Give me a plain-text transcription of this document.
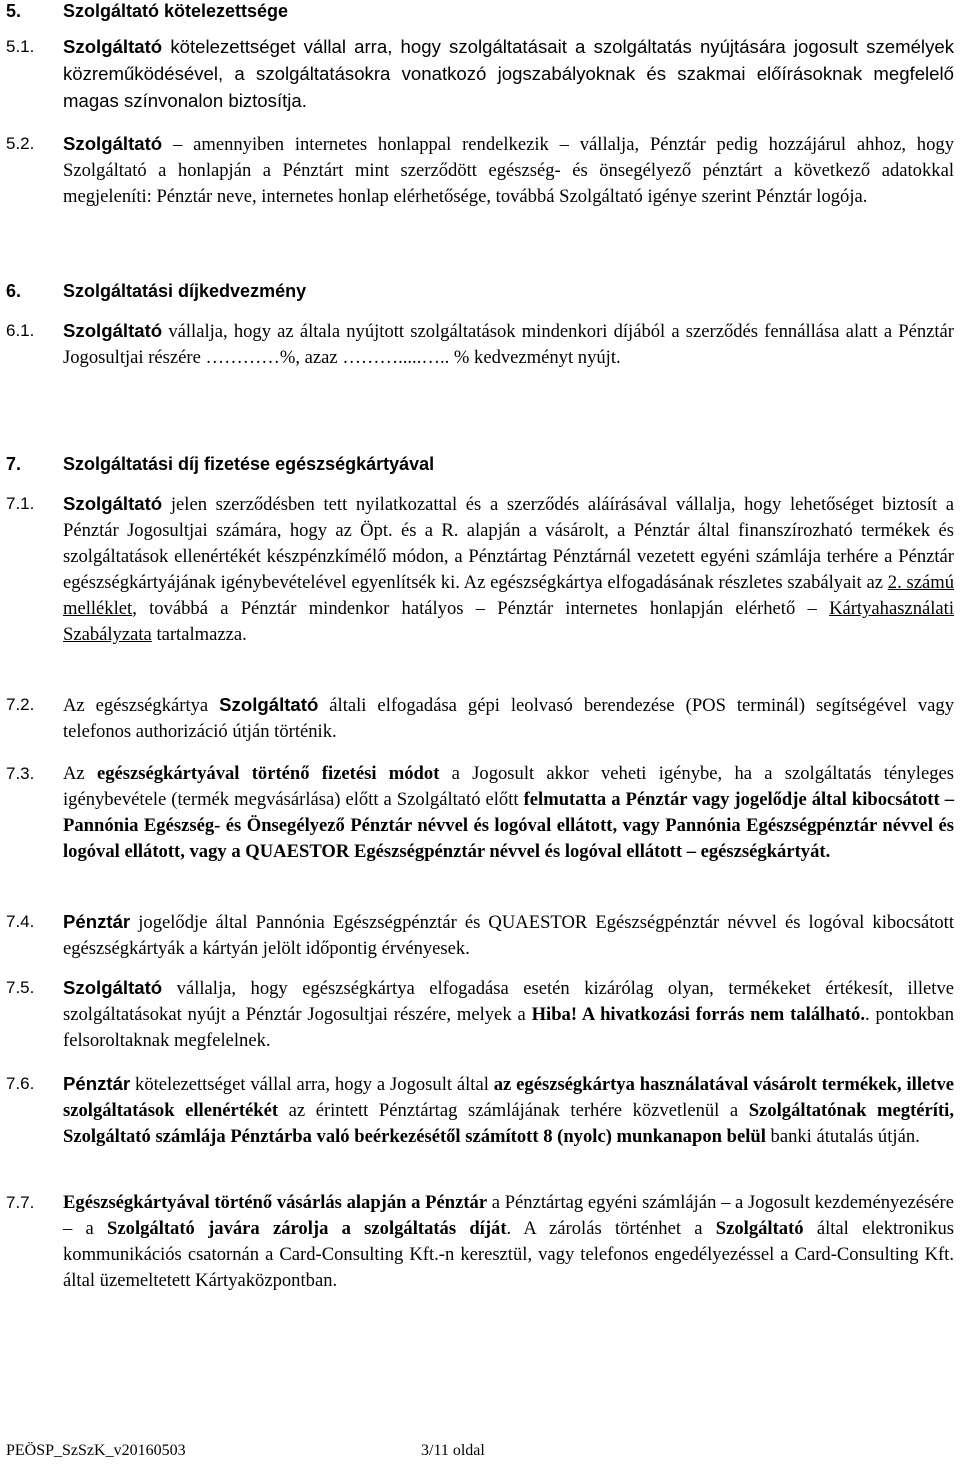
5. Szolgáltató kötelezettsége
5.1.	Szolgáltató kötelezettséget vállal arra, hogy szolgáltatásait a szolgáltatás nyújtására jogosult személyek közreműködésével, a szolgáltatásokra vonatkozó jogszabályoknak és szakmai előírásoknak megfelelő magas színvonalon biztosítja.
5.2.	Szolgáltató – amennyiben internetes honlappal rendelkezik – vállalja, Pénztár pedig hozzájárul ahhoz, hogy Szolgáltató a honlapján a Pénztárt mint szerződött egészség- és önsegélyező pénztárt a következő adatokkal megjeleníti: Pénztár neve, internetes honlap elérhetősége, továbbá Szolgáltató igénye szerint Pénztár logója.
6. Szolgáltatási díjkedvezmény
6.1.	Szolgáltató vállalja, hogy az általa nyújtott szolgáltatások mindenkori díjából a szerződés fennállása alatt a Pénztár Jogosultjai részére …………%, azaz ……….....….. % kedvezményt nyújt.
7. Szolgáltatási díj fizetése egészségkártyával
7.1.	Szolgáltató jelen szerződésben tett nyilatkozattal és a szerződés aláírásával vállalja, hogy lehetőséget biztosít a Pénztár Jogosultjai számára, hogy az Öpt. és a R. alapján a vásárolt, a Pénztár által finanszírozható termékek és szolgáltatások ellenértékét készpénzkímélő módon, a Pénztártag Pénztárnál vezetett egyéni számlája terhére a Pénztár egészségkártyájának igénybevételével egyenlítsék ki. Az egészségkártya elfogadásának részletes szabályait az 2. számú melléklet, továbbá a Pénztár mindenkor hatályos – Pénztár internetes honlapján elérhető – Kártyahasználati Szabályzata tartalmazza.
7.2.	Az egészségkártya Szolgáltató általi elfogadása gépi leolvasó berendezése (POS terminál) segítségével vagy telefonos authorizáció útján történik.
7.3.	Az egészségkártyával történő fizetési módot a Jogosult akkor veheti igénybe, ha a szolgáltatás tényleges igénybevétele (termék megvásárlása) előtt a Szolgáltató előtt felmutatta a Pénztár vagy jogelődje által kibocsátott – Pannónia Egészség- és Önsegélyező Pénztár névvel és logóval ellátott, vagy Pannónia Egészségpénztár névvel és logóval ellátott, vagy a QUAESTOR Egészségpénztár névvel és logóval ellátott – egészségkártyát.
7.4.	Pénztár jogelődje által Pannónia Egészségpénztár és QUAESTOR Egészségpénztár névvel és logóval kibocsátott egészségkártyák a kártyán jelölt időpontig érvényesek.
7.5.	Szolgáltató vállalja, hogy egészségkártya elfogadása esetén kizárólag olyan, termékeket értékesít, illetve szolgáltatásokat nyújt a Pénztár Jogosultjai részére, melyek a Hiba! A hivatkozási forrás nem található.. pontokban felsoroltaknak megfelelnek.
7.6.	Pénztár kötelezettséget vállal arra, hogy a Jogosult által az egészségkártya használatával vásárolt termékek, illetve szolgáltatások ellenértékét az érintett Pénztártag számlájának terhére közvetlenül a Szolgáltatónak megtéríti, Szolgáltató számlája Pénztárba való beérkezésétől számított 8 (nyolc) munkanapon belül banki átutalás útján.
7.7.	Egészségkártyával történő vásárlás alapján a Pénztár a Pénztártag egyéni számláján – a Jogosult kezdeményezésére – a Szolgáltató javára zárolja a szolgáltatás díját. A zárolás történhet a Szolgáltató által elektronikus kommunikációs csatornán a Card-Consulting Kft.-n keresztül, vagy telefonos engedélyezéssel a Card-Consulting Kft. által üzemeltetett Kártyaközpontban.
PEÖSP_SzSzK_v20160503	3/11 oldal
